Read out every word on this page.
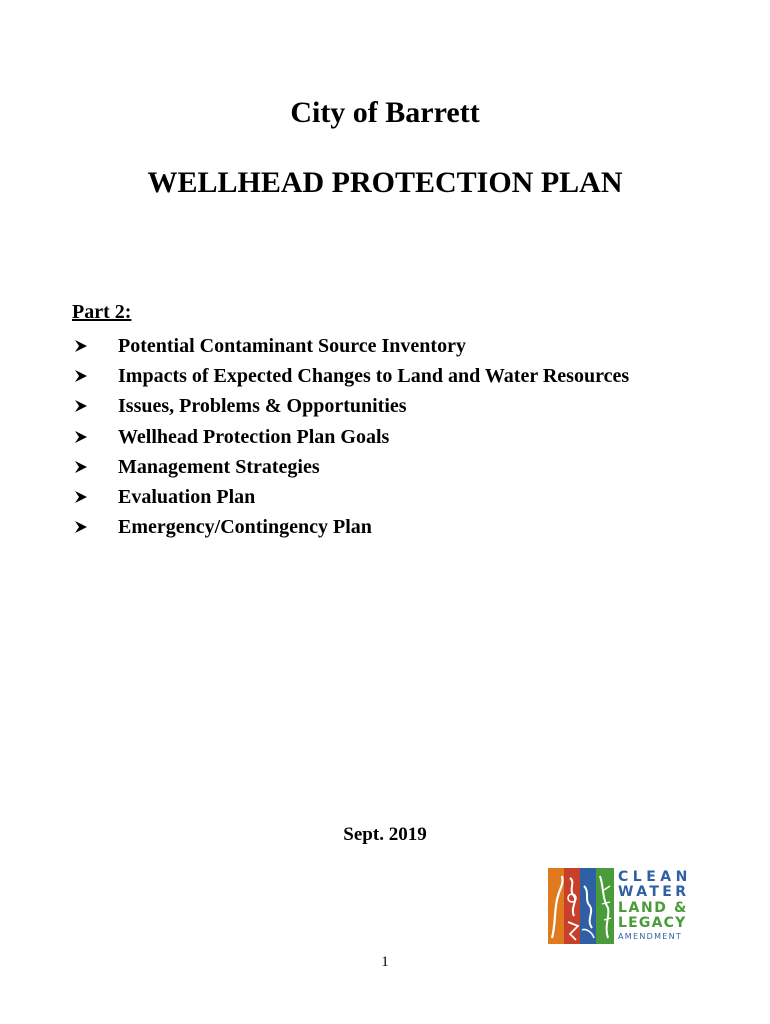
City of Barrett
WELLHEAD PROTECTION PLAN

Part 2:

Potential Contaminant Source Inventory
Impacts of Expected Changes to Land and Water Resources
Issues, Problems & Opportunities
Wellhead Protection Plan Goals
Management Strategies
Evaluation Plan
Emergency/Contingency Plan

Sept. 2019

CLEAN
WATER
LAND &
LEGACY
AMENDMENT

1
